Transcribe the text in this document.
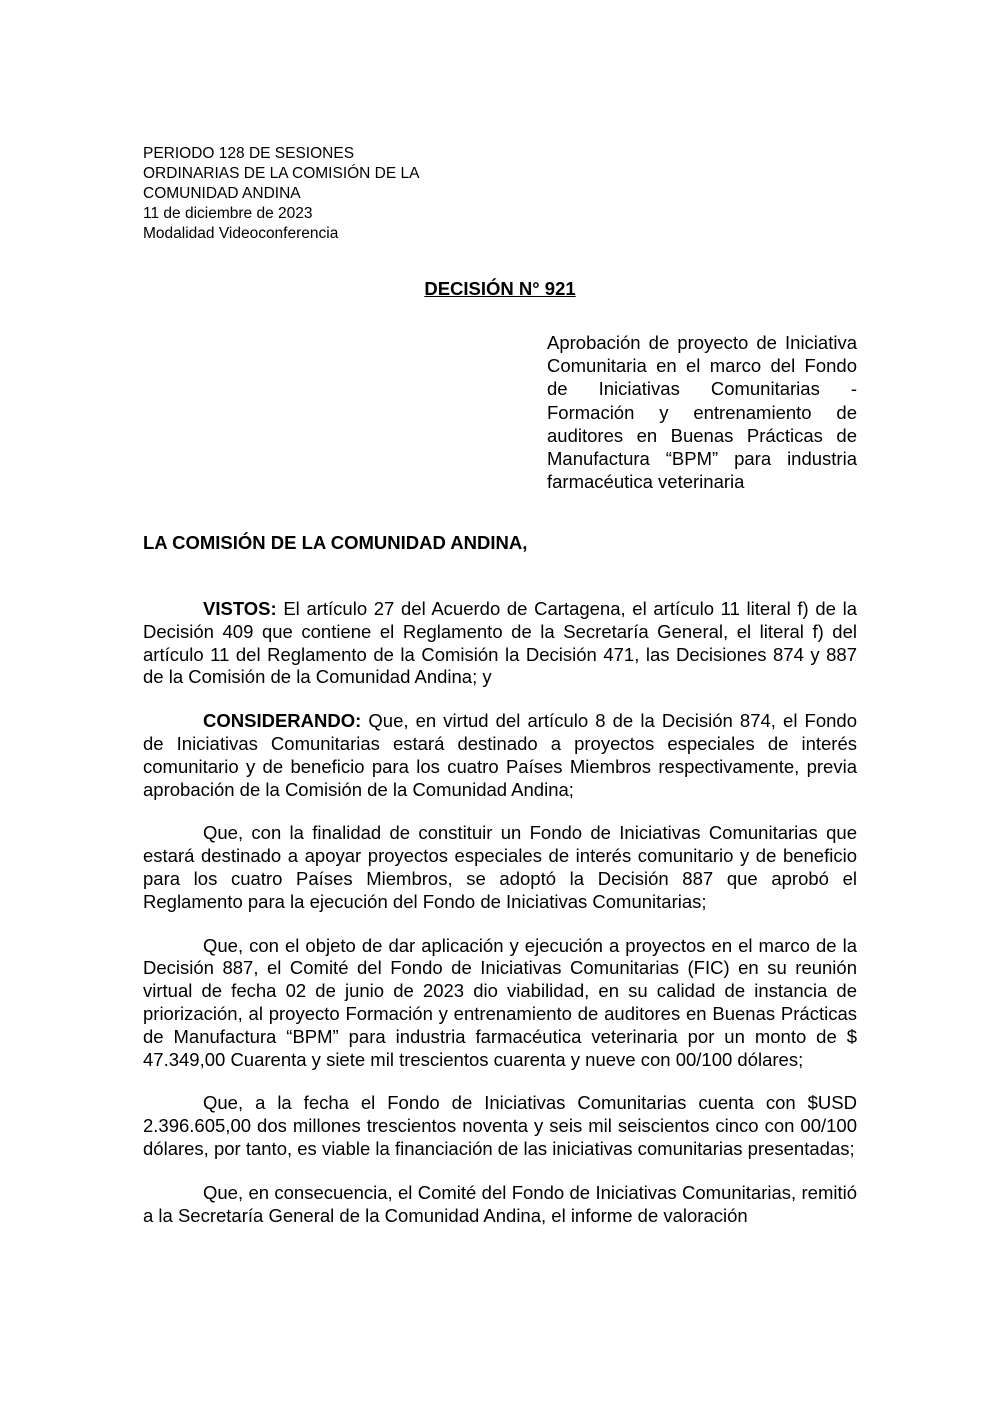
PERIODO 128 DE SESIONES
ORDINARIAS DE LA COMISIÓN DE LA
COMUNIDAD ANDINA
11 de diciembre de 2023
Modalidad Videoconferencia
DECISIÓN N° 921
Aprobación de proyecto de Iniciativa Comunitaria en el marco del Fondo de Iniciativas Comunitarias - Formación y entrenamiento de auditores en Buenas Prácticas de Manufactura “BPM” para industria farmacéutica veterinaria
LA COMISIÓN DE LA COMUNIDAD ANDINA,

VISTOS: El artículo 27 del Acuerdo de Cartagena, el artículo 11 literal f) de la Decisión 409 que contiene el Reglamento de la Secretaría General, el literal f) del artículo 11 del Reglamento de la Comisión la Decisión 471, las Decisiones 874 y 887 de la Comisión de la Comunidad Andina; y

CONSIDERANDO: Que, en virtud del artículo 8 de la Decisión 874, el Fondo de Iniciativas Comunitarias estará destinado a proyectos especiales de interés comunitario y de beneficio para los cuatro Países Miembros respectivamente, previa aprobación de la Comisión de la Comunidad Andina;

Que, con la finalidad de constituir un Fondo de Iniciativas Comunitarias que estará destinado a apoyar proyectos especiales de interés comunitario y de beneficio para los cuatro Países Miembros, se adoptó la Decisión 887 que aprobó el Reglamento para la ejecución del Fondo de Iniciativas Comunitarias;

Que, con el objeto de dar aplicación y ejecución a proyectos en el marco de la Decisión 887, el Comité del Fondo de Iniciativas Comunitarias (FIC) en su reunión virtual de fecha 02 de junio de 2023 dio viabilidad, en su calidad de instancia de priorización, al proyecto Formación y entrenamiento de auditores en Buenas Prácticas de Manufactura “BPM” para industria farmacéutica veterinaria por un monto de $ 47.349,00 Cuarenta y siete mil trescientos cuarenta y nueve con 00/100 dólares;

Que, a la fecha el Fondo de Iniciativas Comunitarias cuenta con $USD 2.396.605,00 dos millones trescientos noventa y seis mil seiscientos cinco con 00/100 dólares, por tanto, es viable la financiación de las iniciativas comunitarias presentadas;

Que, en consecuencia, el Comité del Fondo de Iniciativas Comunitarias, remitió a la Secretaría General de la Comunidad Andina, el informe de valoración
